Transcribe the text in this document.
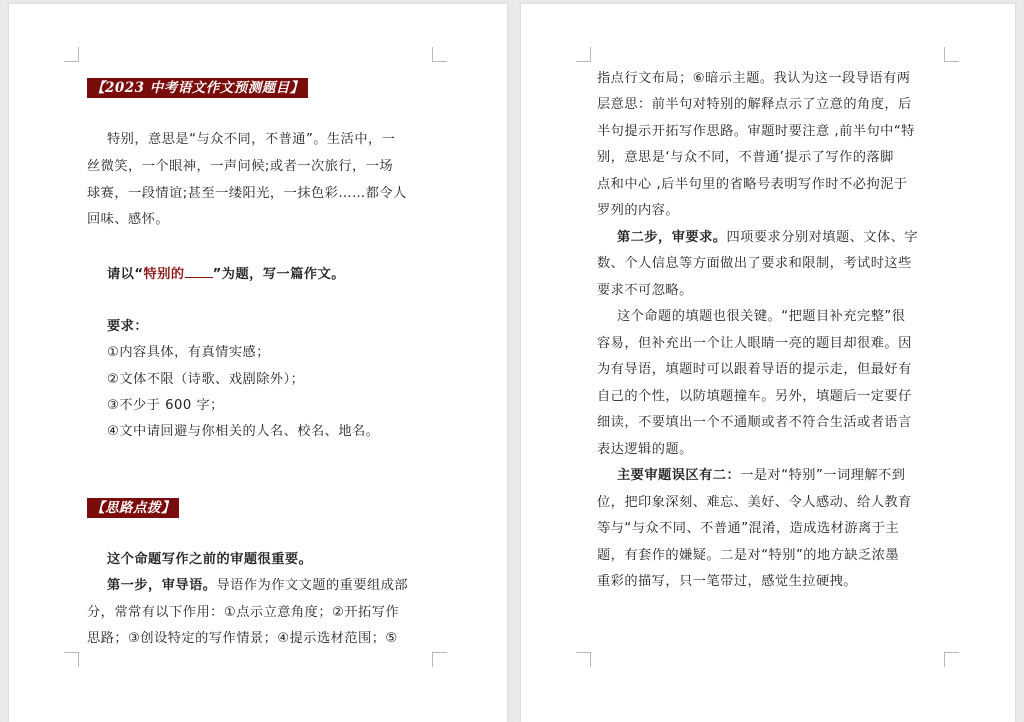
【2023 中考语文作文预测题目】
特别，意思是“与众不同，不普通”。生活中，一
丝微笑，一个眼神，一声问候;或者一次旅行，一场
球赛，一段情谊;甚至一缕阳光，一抹色彩……都令人
回味、感怀。
请以“特别的 ”为题，写一篇作文。
要求：
①内容具体，有真情实感；
②文体不限（诗歌、戏剧除外）；
③不少于 600 字；
④文中请回避与你相关的人名、校名、地名。
【思路点拨】
这个命题写作之前的审题很重要。
第一步，审导语。导语作为作文文题的重要组成部
分，常常有以下作用：①点示立意角度；②开拓写作
思路；③创设特定的写作情景；④提示选材范围；⑤
指点行文布局；⑥暗示主题。我认为这一段导语有两
层意思：前半句对特别的解释点示了立意的角度，后
半句提示开拓写作思路。审题时要注意 ,前半句中“特
别，意思是‘与众不同，不普通’提示了写作的落脚
点和中心 ,后半句里的省略号表明写作时不必拘泥于
罗列的内容。
第二步，审要求。四项要求分别对填题、文体、字
数、个人信息等方面做出了要求和限制，考试时这些
要求不可忽略。
这个命题的填题也很关键。“把题目补充完整”很
容易，但补充出一个让人眼睛一亮的题目却很难。因
为有导语，填题时可以跟着导语的提示走，但最好有
自己的个性，以防填题撞车。另外，填题后一定要仔
细读，不要填出一个不通顺或者不符合生活或者语言
表达逻辑的题。
主要审题误区有二：一是对“特别”一词理解不到
位，把印象深刻、难忘、美好、令人感动、给人教育
等与“与众不同、不普通”混淆，造成选材游离于主
题，有套作的嫌疑。二是对“特别”的地方缺乏浓墨
重彩的描写，只一笔带过，感觉生拉硬拽。
